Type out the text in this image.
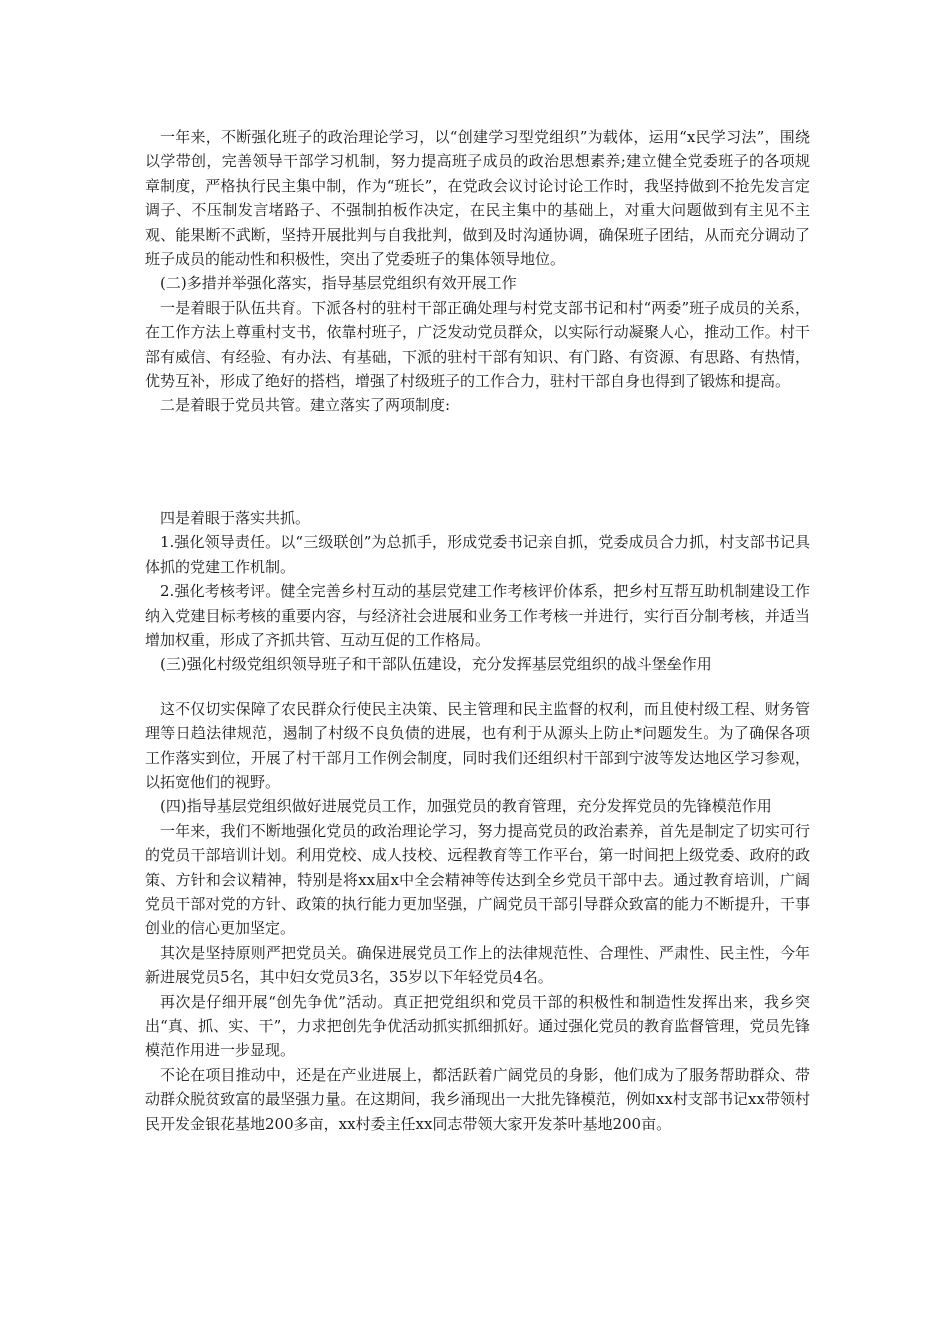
一年来，不断强化班子的政治理论学习，以“创建学习型党组织”为载体，运用“x民学习法”，围绕以学带创，完善领导干部学习机制，努力提高班子成员的政治思想素养;建立健全党委班子的各项规章制度，严格执行民主集中制，作为“班长”，在党政会议讨论讨论工作时，我坚持做到不抢先发言定调子、不压制发言堵路子、不强制拍板作决定，在民主集中的基础上，对重大问题做到有主见不主观、能果断不武断，坚持开展批判与自我批判，做到及时沟通协调，确保班子团结，从而充分调动了班子成员的能动性和积极性，突出了党委班子的集体领导地位。

(二)多措并举强化落实，指导基层党组织有效开展工作

一是着眼于队伍共育。下派各村的驻村干部正确处理与村党支部书记和村“两委”班子成员的关系，在工作方法上尊重村支书，依靠村班子，广泛发动党员群众，以实际行动凝聚人心，推动工作。村干部有威信、有经验、有办法、有基础，下派的驻村干部有知识、有门路、有资源、有思路、有热情，优势互补，形成了绝好的搭档，增强了村级班子的工作合力，驻村干部自身也得到了锻炼和提高。

二是着眼于党员共管。建立落实了两项制度:

四是着眼于落实共抓。

1.强化领导责任。以“三级联创”为总抓手，形成党委书记亲自抓，党委成员合力抓，村支部书记具体抓的党建工作机制。

2.强化考核考评。健全完善乡村互动的基层党建工作考核评价体系，把乡村互帮互助机制建设工作纳入党建目标考核的重要内容，与经济社会进展和业务工作考核一并进行，实行百分制考核，并适当增加权重，形成了齐抓共管、互动互促的工作格局。

(三)强化村级党组织领导班子和干部队伍建设，充分发挥基层党组织的战斗堡垒作用

这不仅切实保障了农民群众行使民主决策、民主管理和民主监督的权利，而且使村级工程、财务管理等日趋法律规范，遏制了村级不良负债的进展，也有利于从源头上防止*问题发生。为了确保各项工作落实到位，开展了村干部月工作例会制度，同时我们还组织村干部到宁波等发达地区学习参观，以拓宽他们的视野。

(四)指导基层党组织做好进展党员工作，加强党员的教育管理，充分发挥党员的先锋模范作用

一年来，我们不断地强化党员的政治理论学习，努力提高党员的政治素养，首先是制定了切实可行的党员干部培训计划。利用党校、成人技校、远程教育等工作平台，第一时间把上级党委、政府的政策、方针和会议精神，特别是将xx届x中全会精神等传达到全乡党员干部中去。通过教育培训，广阔党员干部对党的方针、政策的执行能力更加坚强，广阔党员干部引导群众致富的能力不断提升，干事创业的信心更加坚定。

其次是坚持原则严把党员关。确保进展党员工作上的法律规范性、合理性、严肃性、民主性，今年新进展党员5名，其中妇女党员3名，35岁以下年轻党员4名。

再次是仔细开展“创先争优”活动。真正把党组织和党员干部的积极性和制造性发挥出来，我乡突出“真、抓、实、干”，力求把创先争优活动抓实抓细抓好。通过强化党员的教育监督管理，党员先锋模范作用进一步显现。

不论在项目推动中，还是在产业进展上，都活跃着广阔党员的身影，他们成为了服务帮助群众、带动群众脱贫致富的最坚强力量。在这期间，我乡涌现出一大批先锋模范，例如xx村支部书记xx带领村民开发金银花基地200多亩，xx村委主任xx同志带领大家开发茶叶基地200亩。
